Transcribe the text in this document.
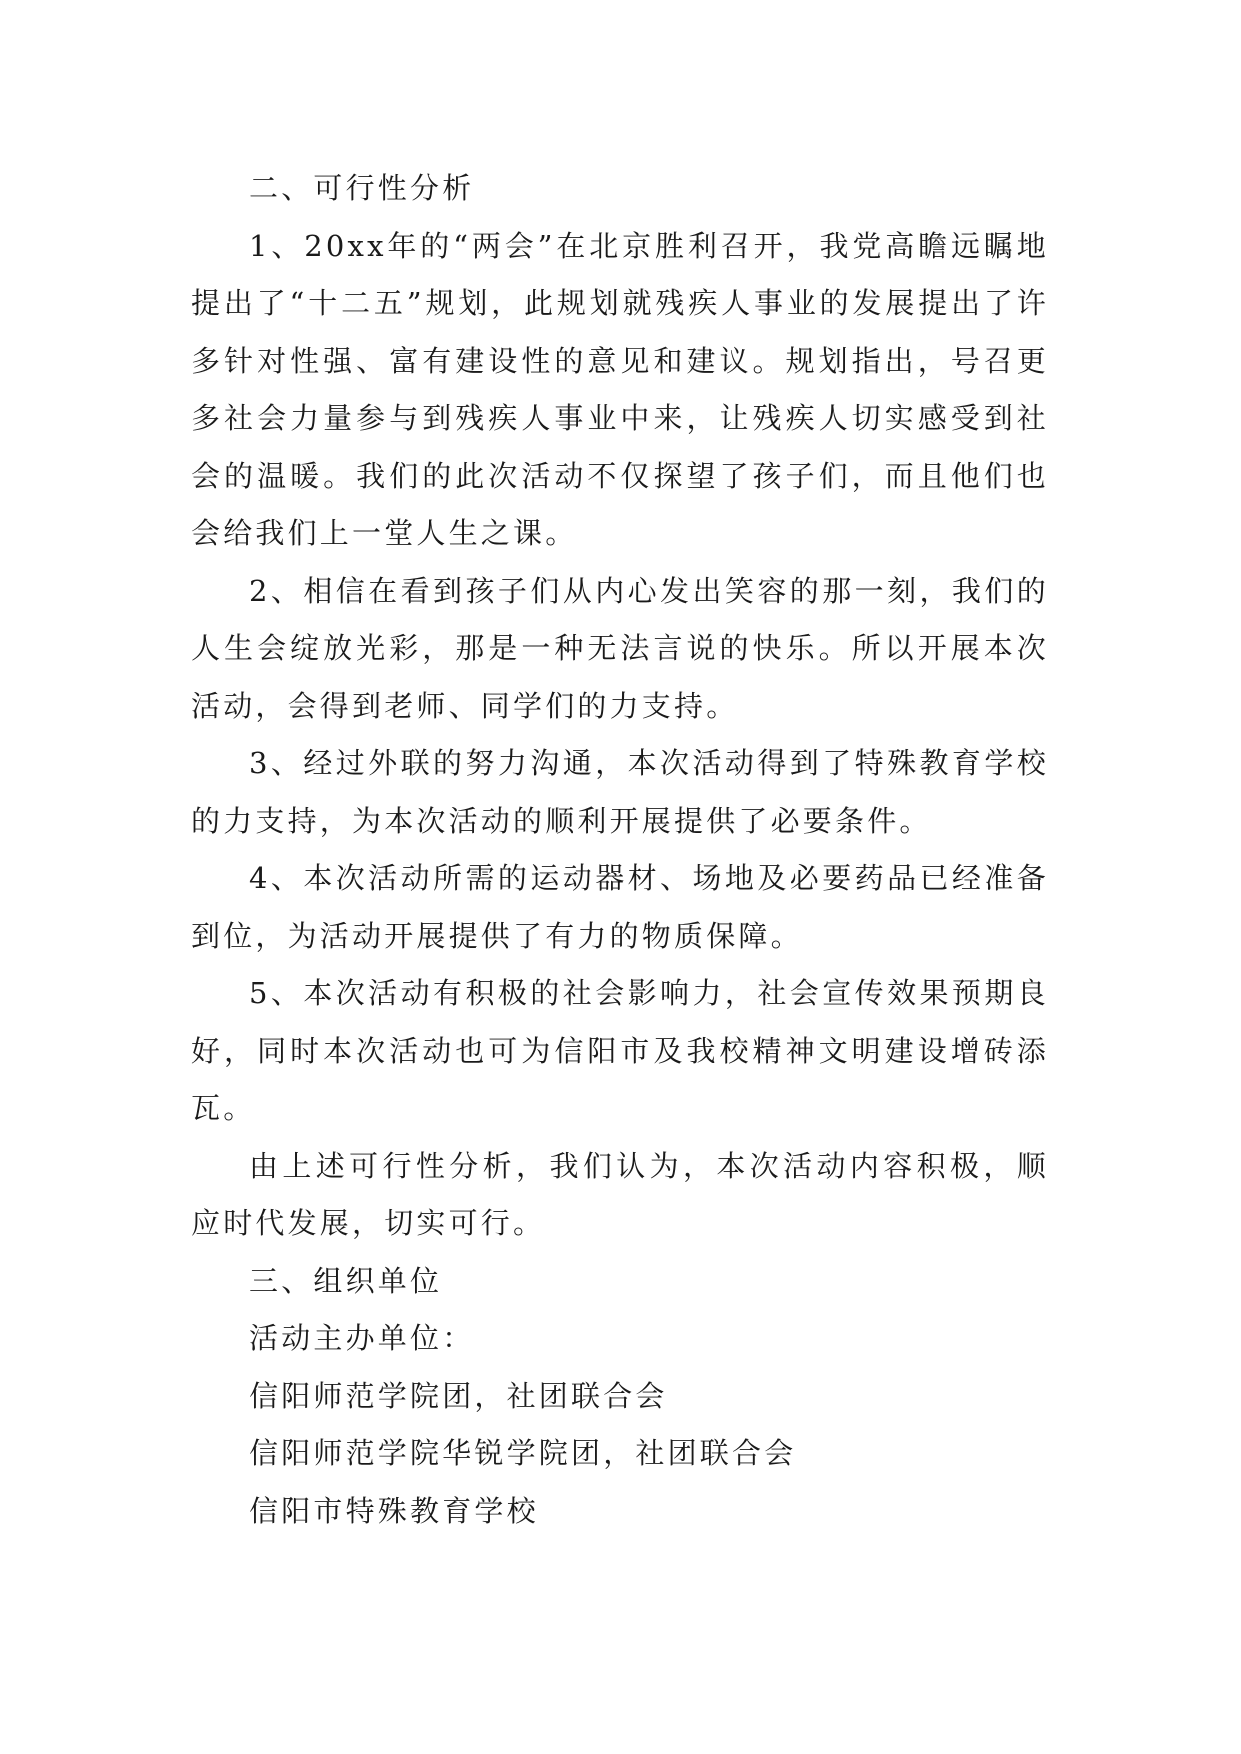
二、可行性分析

1、20xx年的“两会”在北京胜利召开，我党高瞻远瞩地提出了“十二五”规划，此规划就残疾人事业的发展提出了许多针对性强、富有建设性的意见和建议。规划指出，号召更多社会力量参与到残疾人事业中来，让残疾人切实感受到社会的温暖。我们的此次活动不仅探望了孩子们，而且他们也会给我们上一堂人生之课。

2、相信在看到孩子们从内心发出笑容的那一刻，我们的人生会绽放光彩，那是一种无法言说的快乐。所以开展本次活动，会得到老师、同学们的力支持。

3、经过外联的努力沟通，本次活动得到了特殊教育学校的力支持，为本次活动的顺利开展提供了必要条件。

4、本次活动所需的运动器材、场地及必要药品已经准备到位，为活动开展提供了有力的物质保障。

5、本次活动有积极的社会影响力，社会宣传效果预期良好，同时本次活动也可为信阳市及我校精神文明建设增砖添瓦。

由上述可行性分析，我们认为，本次活动内容积极，顺应时代发展，切实可行。

三、组织单位

活动主办单位：

信阳师范学院团，社团联合会

信阳师范学院华锐学院团，社团联合会

信阳市特殊教育学校
